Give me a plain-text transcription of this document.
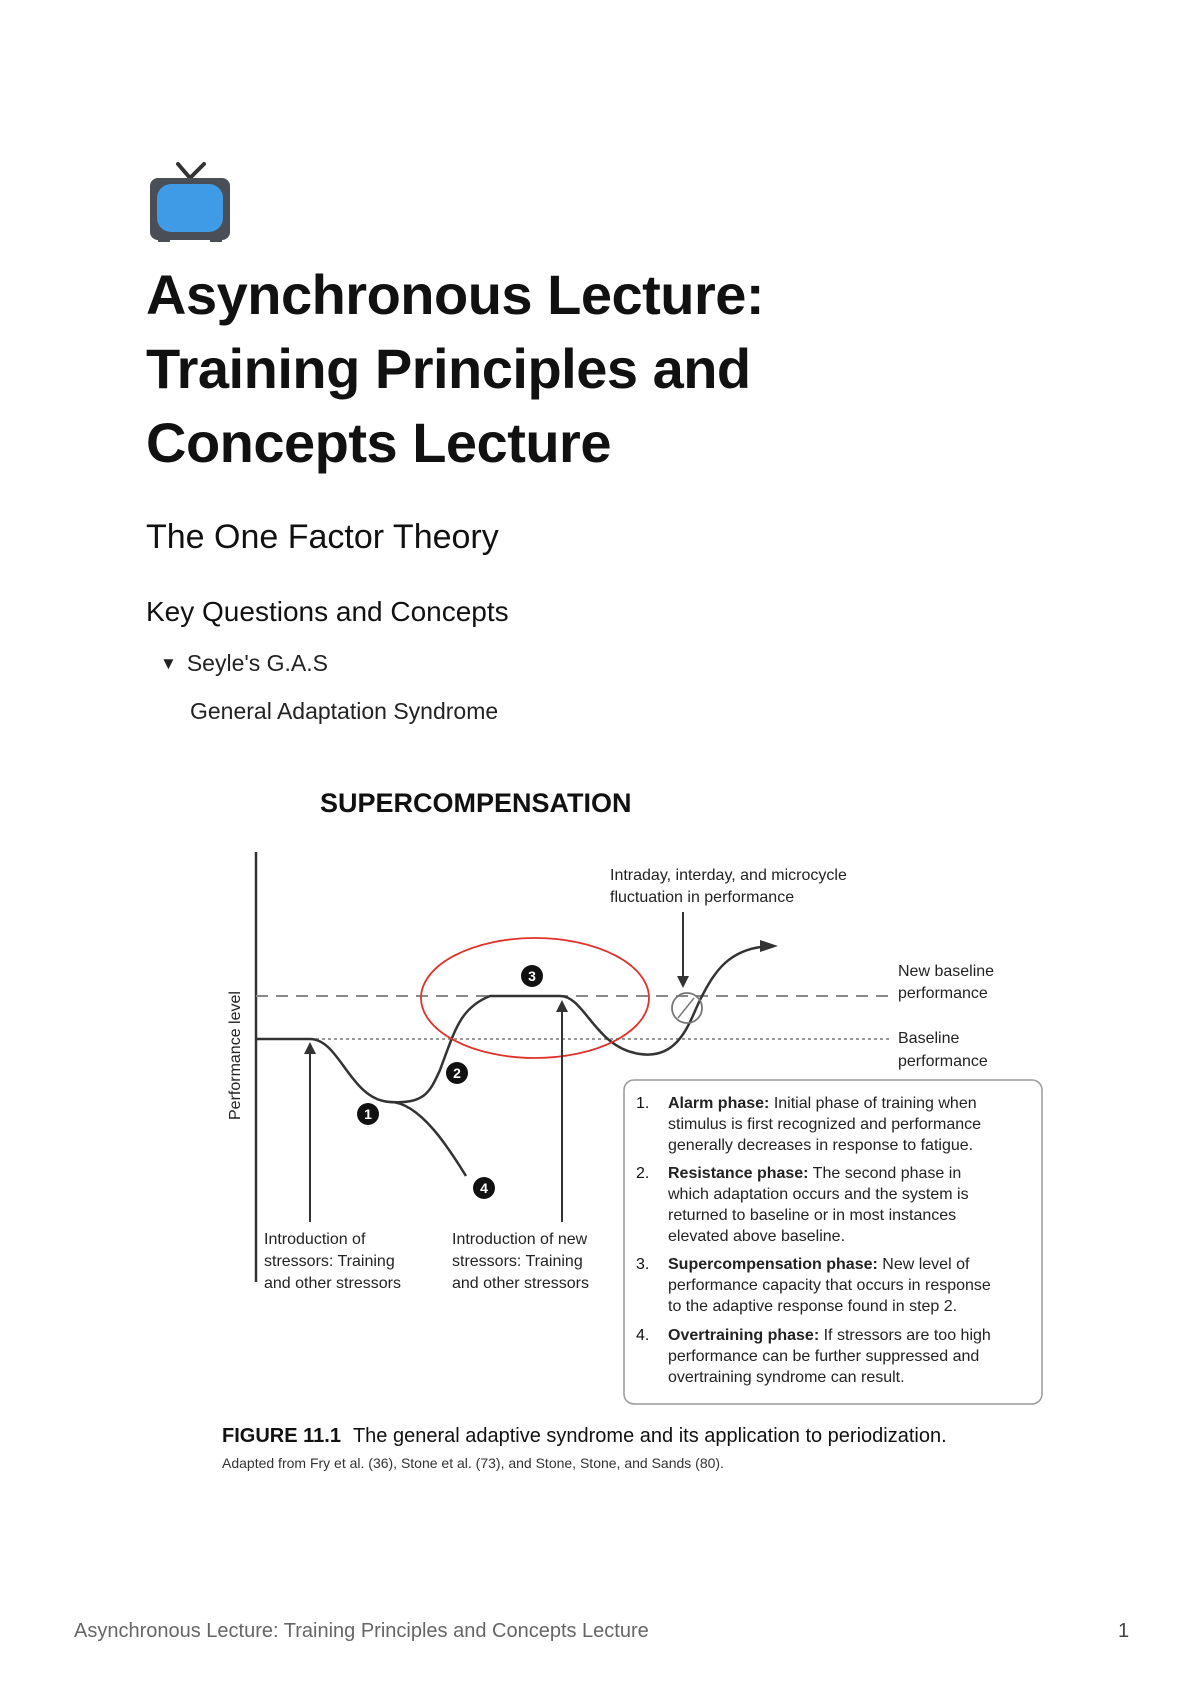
Asynchronous Lecture:
Training Principles and
Concepts Lecture
The One Factor Theory
Key Questions and Concepts
▼ Seyle's G.A.S
General Adaptation Syndrome
SUPERCOMPENSATION
Performance level
New baseline
performance
Baseline
performance
Intraday, interday, and microcycle
fluctuation in performance
Introduction of
stressors: Training
and other stressors
Introduction of new
stressors: Training
and other stressors
1
2
3
4
1. Alarm phase: Initial phase of training when
stimulus is first recognized and performance
generally decreases in response to fatigue.
2. Resistance phase: The second phase in
which adaptation occurs and the system is
returned to baseline or in most instances
elevated above baseline.
3. Supercompensation phase: New level of
performance capacity that occurs in response
to the adaptive response found in step 2.
4. Overtraining phase: If stressors are too high
performance can be further suppressed and
overtraining syndrome can result.
FIGURE 11.1 The general adaptive syndrome and its application to periodization.
Adapted from Fry et al. (36), Stone et al. (73), and Stone, Stone, and Sands (80).
Asynchronous Lecture: Training Principles and Concepts Lecture	1
